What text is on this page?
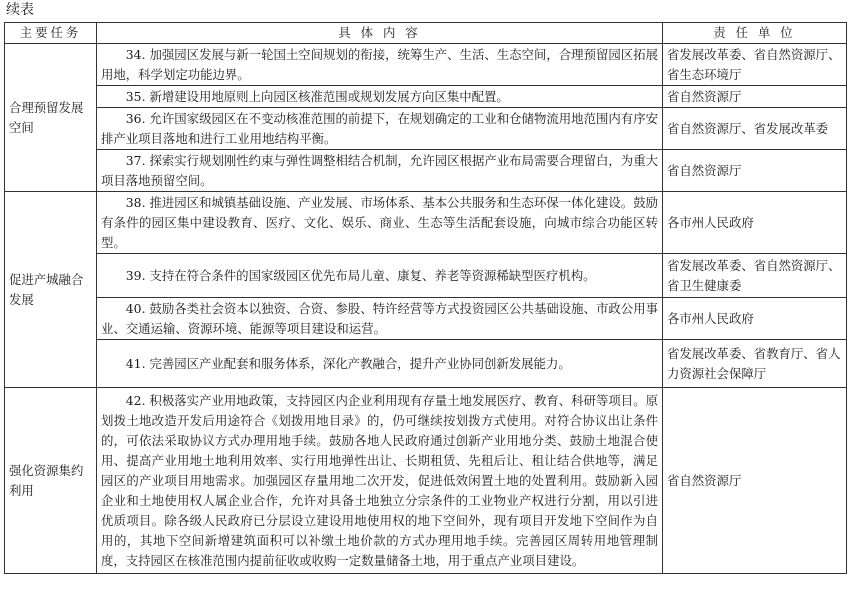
续表
主要任务	具 体 内 容	责 任 单 位
合理预留发展空间	34. 加强园区发展与新一轮国土空间规划的衔接，统筹生产、生活、生态空间，合理预留园区拓展用地，科学划定功能边界。	省发展改革委、省自然资源厅、省生态环境厅
	35. 新增建设用地原则上向园区核准范围或规划发展方向区集中配置。	省自然资源厅
	36. 允许国家级园区在不变动核准范围的前提下，在规划确定的工业和仓储物流用地范围内有序安排产业项目落地和进行工业用地结构平衡。	省自然资源厅、省发展改革委
	37. 探索实行规划刚性约束与弹性调整相结合机制，允许园区根据产业布局需要合理留白，为重大项目落地预留空间。	省自然资源厅
促进产城融合发展	38. 推进园区和城镇基础设施、产业发展、市场体系、基本公共服务和生态环保一体化建设。鼓励有条件的园区集中建设教育、医疗、文化、娱乐、商业、生态等生活配套设施，向城市综合功能区转型。	各市州人民政府
	39. 支持在符合条件的国家级园区优先布局儿童、康复、养老等资源稀缺型医疗机构。	省发展改革委、省自然资源厅、省卫生健康委
	40. 鼓励各类社会资本以独资、合资、参股、特许经营等方式投资园区公共基础设施、市政公用事业、交通运输、资源环境、能源等项目建设和运营。	各市州人民政府
	41. 完善园区产业配套和服务体系，深化产教融合，提升产业协同创新发展能力。	省发展改革委、省教育厅、省人力资源社会保障厅
强化资源集约利用	42. 积极落实产业用地政策，支持园区内企业利用现有存量土地发展医疗、教育、科研等项目。原划拨土地改造开发后用途符合《划拨用地目录》的，仍可继续按划拨方式使用。对符合协议出让条件的，可依法采取协议方式办理用地手续。鼓励各地人民政府通过创新产业用地分类、鼓励土地混合使用、提高产业用地土地利用效率、实行用地弹性出让、长期租赁、先租后让、租让结合供地等，满足园区的产业项目用地需求。加强园区存量用地二次开发，促进低效闲置土地的处置利用。鼓励新入园企业和土地使用权人属企业合作，允许对具备土地独立分宗条件的工业物业产权进行分割，用以引进优质项目。除各级人民政府已分层设立建设用地使用权的地下空间外，现有项目开发地下空间作为自用的，其地下空间新增建筑面积可以补缴土地价款的方式办理用地手续。完善园区周转用地管理制度，支持园区在核准范围内提前征收或收购一定数量储备土地，用于重点产业项目建设。	省自然资源厅
